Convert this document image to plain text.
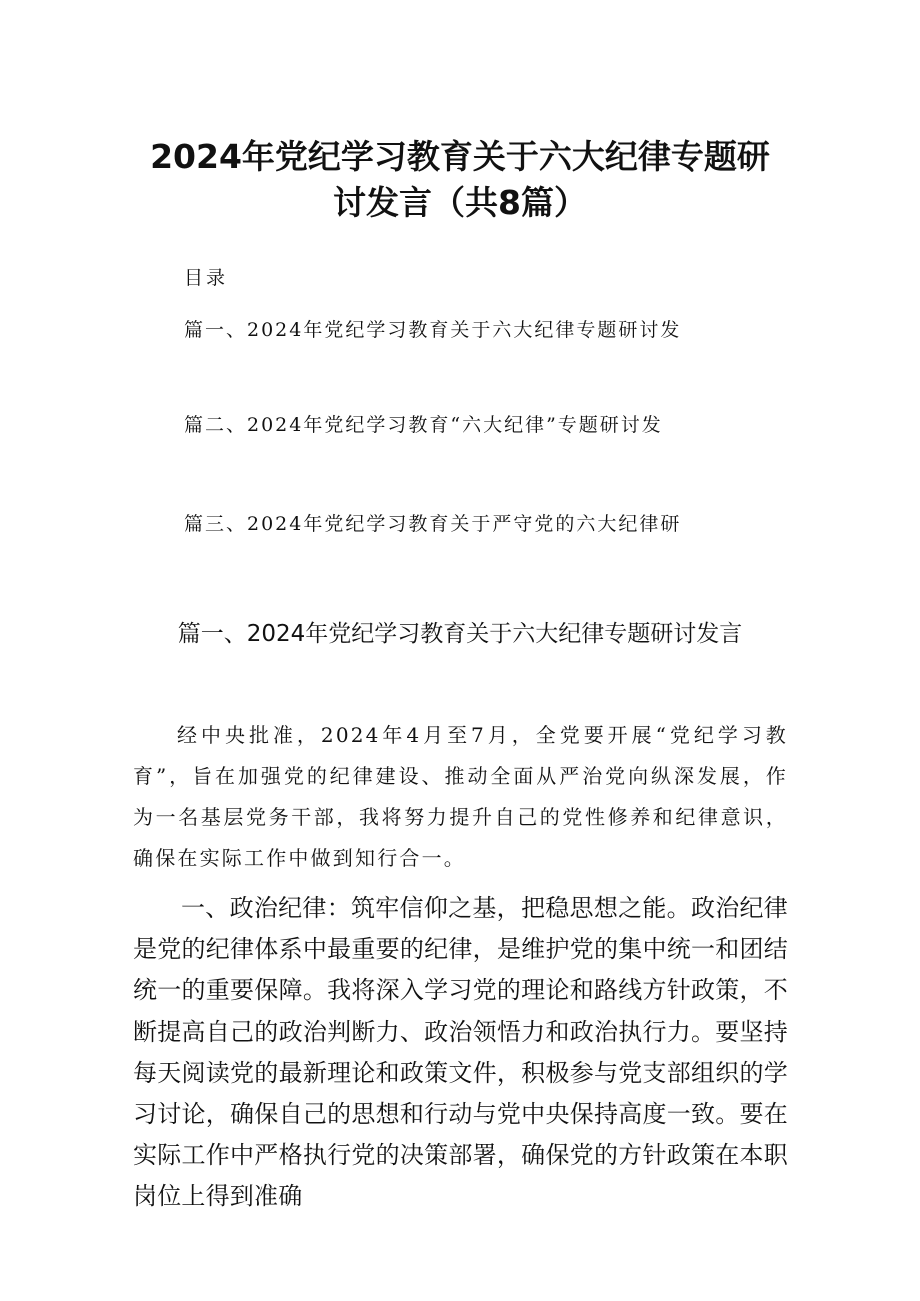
2024年党纪学习教育关于六大纪律专题研
讨发言（共8篇）
目录
篇一、2024年党纪学习教育关于六大纪律专题研讨发
篇二、2024年党纪学习教育“六大纪律”专题研讨发
篇三、2024年党纪学习教育关于严守党的六大纪律研
篇一、2024年党纪学习教育关于六大纪律专题研讨发言

经中央批准，2024年4月至7月，全党要开展“党纪学习教育”，旨在加强党的纪律建设、推动全面从严治党向纵深发展，作为一名基层党务干部，我将努力提升自己的党性修养和纪律意识，确保在实际工作中做到知行合一。

一、政治纪律：筑牢信仰之基，把稳思想之能。政治纪律是党的纪律体系中最重要的纪律，是维护党的集中统一和团结统一的重要保障。我将深入学习党的理论和路线方针政策，不断提高自己的政治判断力、政治领悟力和政治执行力。要坚持每天阅读党的最新理论和政策文件，积极参与党支部组织的学习讨论，确保自己的思想和行动与党中央保持高度一致。要在实际工作中严格执行党的决策部署，确保党的方针政策在本职岗位上得到准确
